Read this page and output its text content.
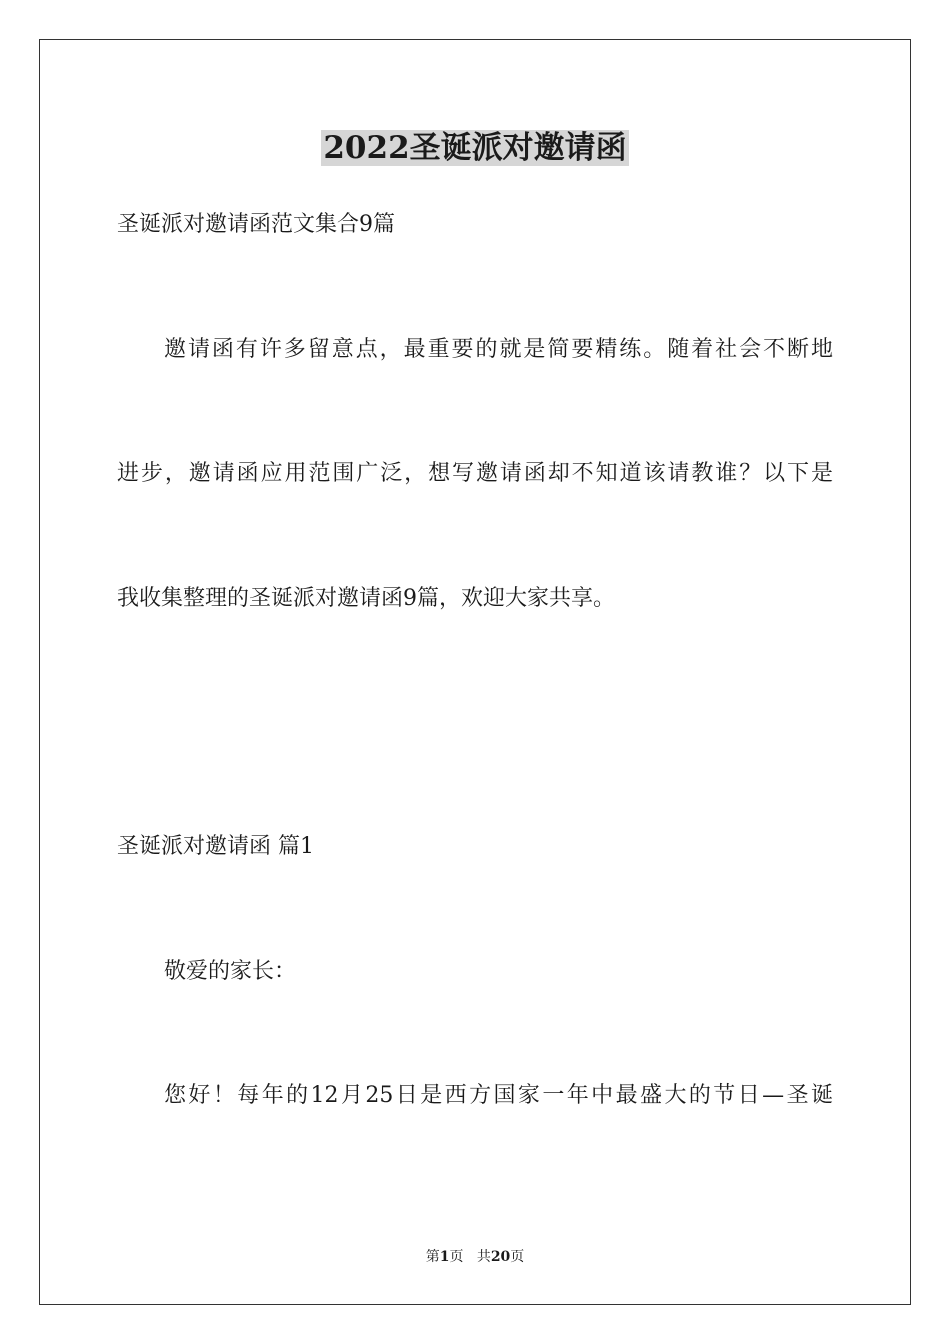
2022圣诞派对邀请函
圣诞派对邀请函范文集合9篇
邀请函有许多留意点，最重要的就是简要精练。随着社会不断地
进步，邀请函应用范围广泛，想写邀请函却不知道该请教谁？以下是
我收集整理的圣诞派对邀请函9篇，欢迎大家共享。
圣诞派对邀请函 篇1
敬爱的家长：
您好！每年的12月25日是西方国家一年中最盛大的节日—圣诞
第1页 共20页
